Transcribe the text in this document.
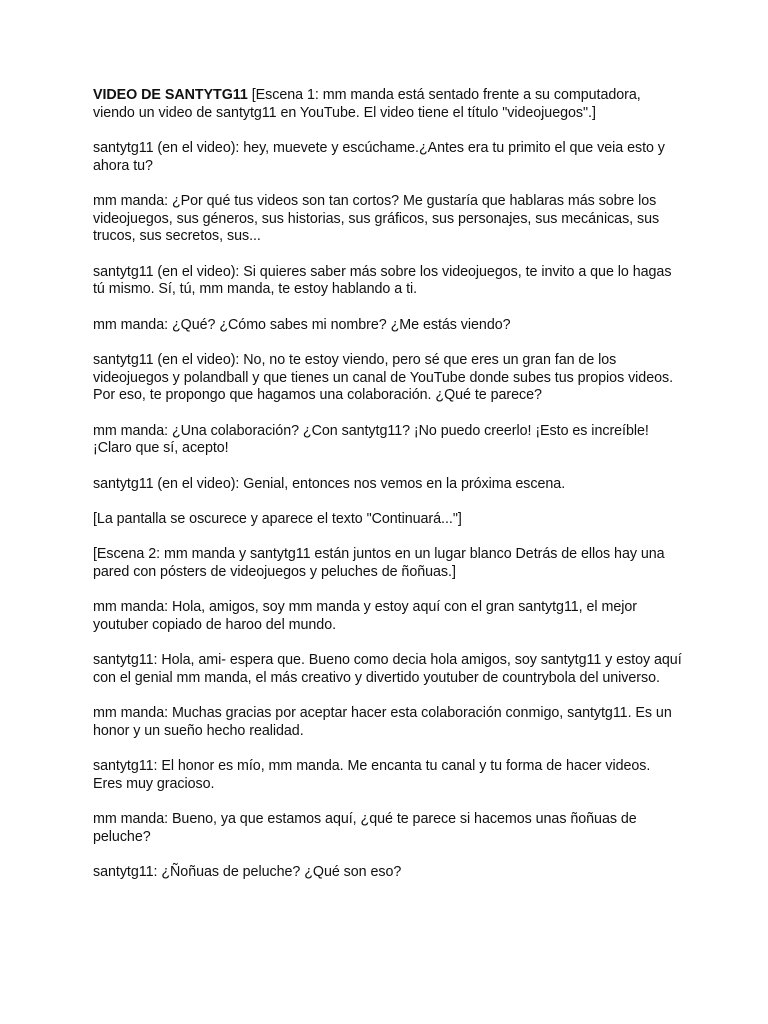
VIDEO DE SANTYTG11 [Escena 1: mm manda está sentado frente a su computadora, viendo un video de santytg11 en YouTube. El video tiene el título "videojuegos".]

santytg11 (en el video): hey, muevete y escúchame.¿Antes era tu primito el que veia esto y ahora tu?

mm manda: ¿Por qué tus videos son tan cortos? Me gustaría que hablaras más sobre los videojuegos, sus géneros, sus historias, sus gráficos, sus personajes, sus mecánicas, sus trucos, sus secretos, sus...

santytg11 (en el video): Si quieres saber más sobre los videojuegos, te invito a que lo hagas tú mismo. Sí, tú, mm manda, te estoy hablando a ti.

mm manda: ¿Qué? ¿Cómo sabes mi nombre? ¿Me estás viendo?

santytg11 (en el video): No, no te estoy viendo, pero sé que eres un gran fan de los videojuegos y polandball y que tienes un canal de YouTube donde subes tus propios videos. Por eso, te propongo que hagamos una colaboración. ¿Qué te parece?

mm manda: ¿Una colaboración? ¿Con santytg11? ¡No puedo creerlo! ¡Esto es increíble! ¡Claro que sí, acepto!

santytg11 (en el video): Genial, entonces nos vemos en la próxima escena.

[La pantalla se oscurece y aparece el texto "Continuará..."]

[Escena 2: mm manda y santytg11 están juntos en un lugar blanco Detrás de ellos hay una pared con pósters de videojuegos y peluches de ñoñuas.]

mm manda: Hola, amigos, soy mm manda y estoy aquí con el gran santytg11, el mejor youtuber copiado de haroo del mundo.

santytg11: Hola, ami- espera que. Bueno como decia hola amigos, soy santytg11 y estoy aquí con el genial mm manda, el más creativo y divertido youtuber de countrybola del universo.

mm manda: Muchas gracias por aceptar hacer esta colaboración conmigo, santytg11. Es un honor y un sueño hecho realidad.

santytg11: El honor es mío, mm manda. Me encanta tu canal y tu forma de hacer videos. Eres muy gracioso.

mm manda: Bueno, ya que estamos aquí, ¿qué te parece si hacemos unas ñoñuas de peluche?

santytg11: ¿Ñoñuas de peluche? ¿Qué son eso?
